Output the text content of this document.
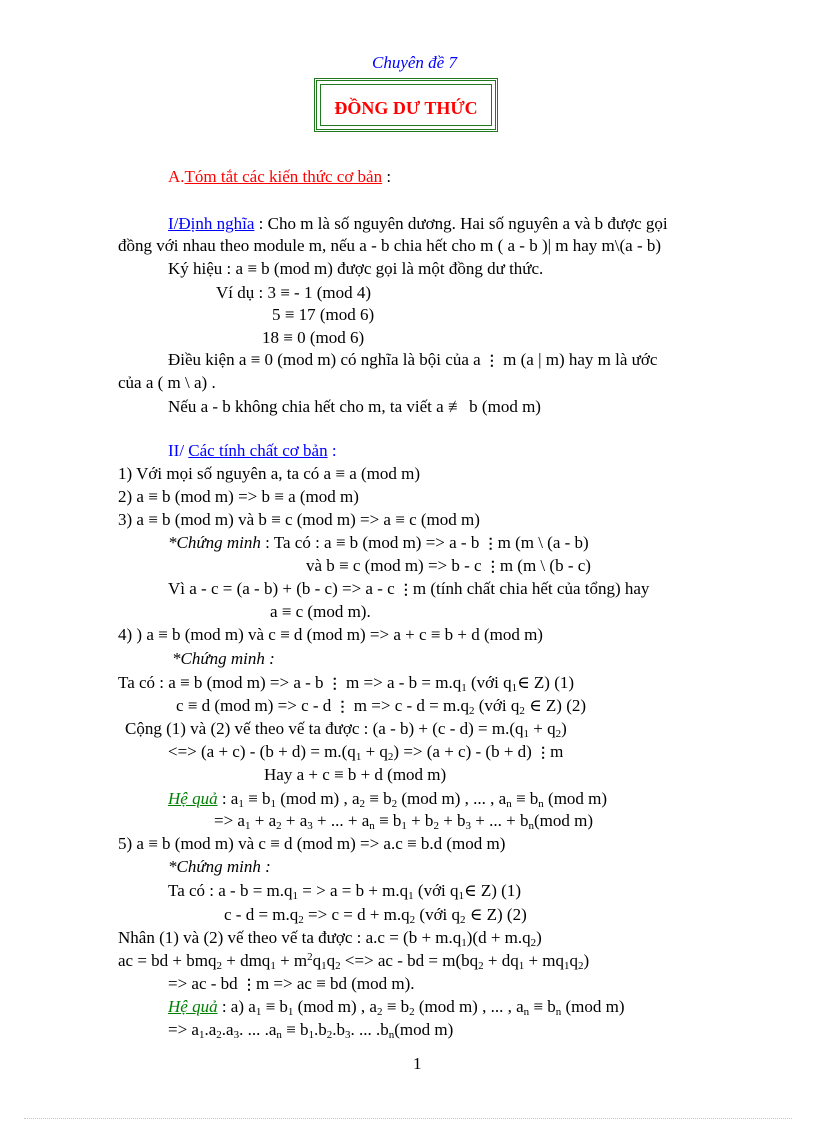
Chuyên đề 7
ĐỒNG DƯ THỨC
A.Tóm tắt các kiến thức cơ bản :
I/Định nghĩa : Cho m là số nguyên dương. Hai số nguyên a và b được gọi
đồng với nhau theo module m, nếu a - b chia hết cho m ( a - b )| m hay m\(a - b)
Ký hiệu : a ≡ b (mod m) được gọi là một đồng dư thức.
Ví dụ : 3 ≡ - 1 (mod 4)
5 ≡ 17 (mod 6)
18 ≡ 0 (mod 6)
Điều kiện a ≡ 0 (mod m) có nghĩa là bội của a ⋮ m (a | m) hay m là ước
của a ( m \ a) .
Nếu a - b không chia hết cho m, ta viết a ≢ b (mod m)
II/ Các tính chất cơ bản :
1) Với mọi số nguyên a, ta có a ≡ a (mod m)
2) a ≡ b (mod m) => b ≡ a (mod m)
3) a ≡ b (mod m) và b ≡ c (mod m) => a ≡ c (mod m)
*Chứng minh : Ta có : a ≡ b (mod m) => a - b ⋮m (m \ (a - b)
và b ≡ c (mod m) => b - c ⋮m (m \ (b - c)
Vì a - c = (a - b) + (b - c) => a - c ⋮m (tính chất chia hết của tổng) hay
a ≡ c (mod m).
4) ) a ≡ b (mod m) và c ≡ d (mod m) => a + c ≡ b + d (mod m)
*Chứng minh :
Ta có : a ≡ b (mod m) => a - b ⋮ $m => a - b = m.q_1$ (với $q_1\in$ Z) (1)
c ≡ d (mod m) => c - d ⋮ $m => c - d = m.q_2$ (với $q_2$ ∈ Z) (2)
Cộng (1) và (2) vế theo vế ta được : $(a - b) + (c - d) = m.(q_1 + q_2)$
<=> $(a + c) - (b + d) = m.(q_1 + q_2) => (a + c) - (b + d)$ ⋮m
Hay a + c ≡ b + d (mod m)
Hệ quả : $a_1 \equiv b_1$ (mod m) , $a_2 \equiv b_2$ (mod m) , ... , $a_n \equiv b_n$ (mod m)
=> $a_1 + a_2 + a_3$ + ... + $a_n \equiv b_1 + b_2 + b_3$ + ... + $b_n(mod$ m)
5) a ≡ b (mod m) và c ≡ d (mod m) => a.c ≡ b.d (mod m)
*Chứng minh :
Ta có : $a - b = m.q_1$ = > $a = b + m.q_1$ (với $q_1\in$ Z) (1)
$c - d = m.q_2 => c = d + m.q_2$ (với $q_2$ ∈ Z) (2)
Nhân (1) và (2) vế theo vế ta được : $a.c = (b + m.q_1)(d + m.q_2)$
ac = bd + $bmq_2 + dmq_1 + m^2q_1q_2$ <=> ac - bd = $m(bq_2 + dq_1 + mq_1q_2)$
=> ac - bd ⋮m => ac ≡ bd (mod m).
Hệ quả : a) $a_1 \equiv b_1$ (mod m) , $a_2 \equiv b_2$ (mod m) , ... , $a_n \equiv b_n$ (mod m)
=> $a_1.a_2.a_3$. ... $.a_n \equiv b_1.b_2.b_3$. ... $.b_n(mod$ m)
1
